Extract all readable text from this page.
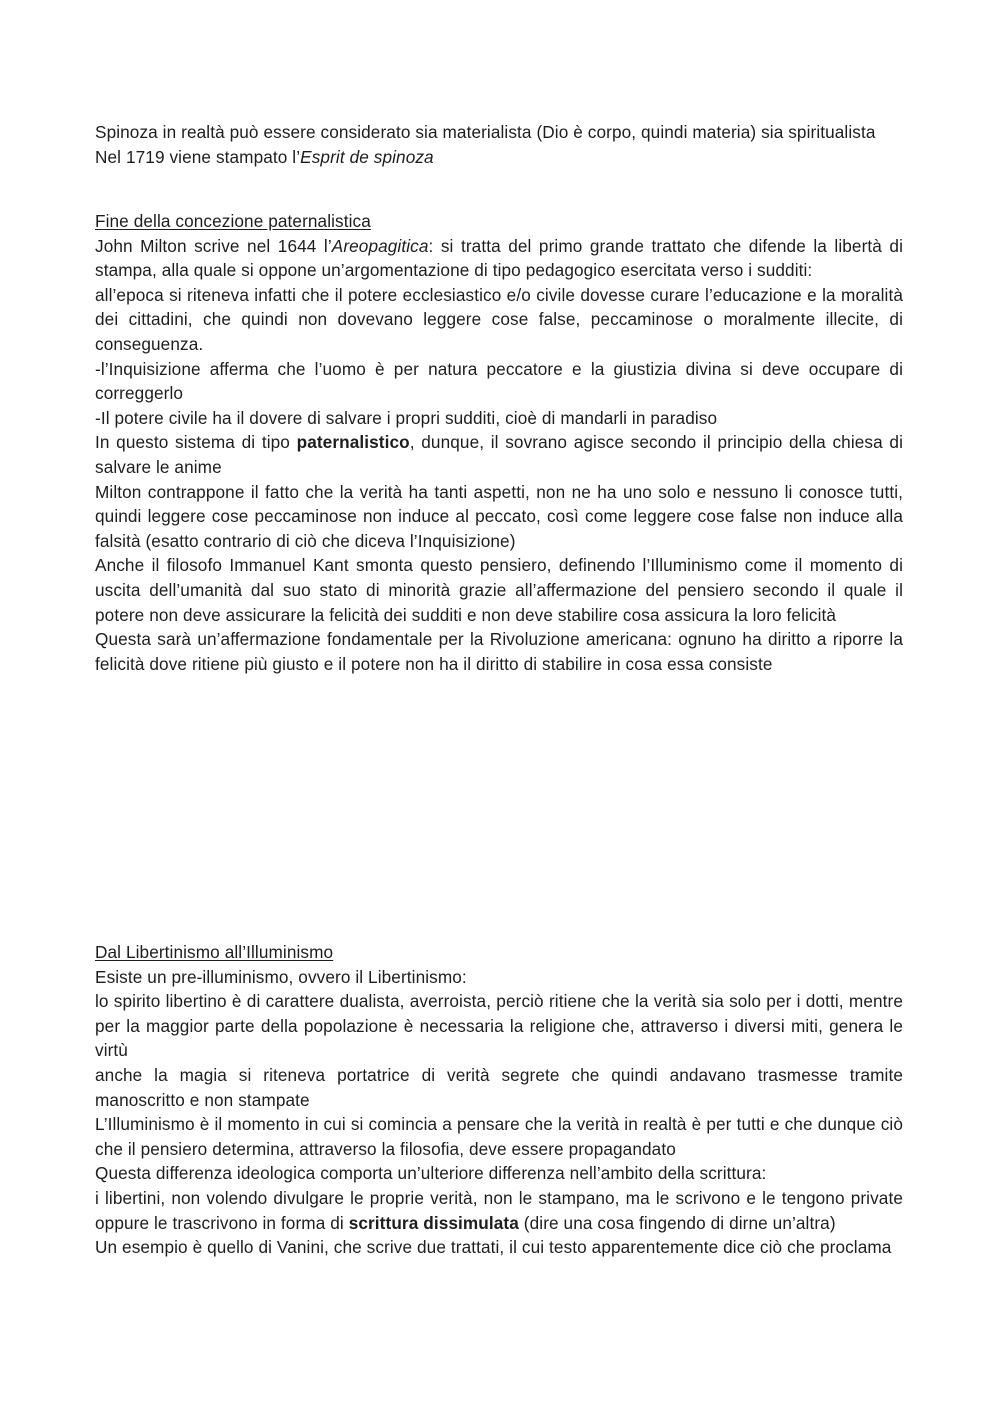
Spinoza in realtà può essere considerato sia materialista (Dio è corpo, quindi materia) sia spiritualista

Nel 1719 viene stampato l’Esprit de spinoza

Fine della concezione paternalistica

John Milton scrive nel 1644 l’Areopagitica: si tratta del primo grande trattato che difende la libertà di stampa, alla quale si oppone un’argomentazione di tipo pedagogico esercitata verso i sudditi:

all’epoca si riteneva infatti che il potere ecclesiastico e/o civile dovesse curare l’educazione e la moralità dei cittadini, che quindi non dovevano leggere cose false, peccaminose o moralmente illecite, di conseguenza.

-l’Inquisizione afferma che l’uomo è per natura peccatore e la giustizia divina si deve occupare di correggerlo

-Il potere civile ha il dovere di salvare i propri sudditi, cioè di mandarli in paradiso

In questo sistema di tipo paternalistico, dunque, il sovrano agisce secondo il principio della chiesa di salvare le anime

Milton contrappone il fatto che la verità ha tanti aspetti, non ne ha uno solo e nessuno li conosce tutti, quindi leggere cose peccaminose non induce al peccato, così come leggere cose false non induce alla falsità (esatto contrario di ciò che diceva l’Inquisizione)

Anche il filosofo Immanuel Kant smonta questo pensiero, definendo l’Illuminismo come il momento di uscita dell’umanità dal suo stato di minorità grazie all’affermazione del pensiero secondo il quale il potere non deve assicurare la felicità dei sudditi e non deve stabilire cosa assicura la loro felicità

Questa sarà un’affermazione fondamentale per la Rivoluzione americana: ognuno ha diritto a riporre la felicità dove ritiene più giusto e il potere non ha il diritto di stabilire in cosa essa consiste

Dal Libertinismo all’Illuminismo

Esiste un pre-illuminismo, ovvero il Libertinismo:

lo spirito libertino è di carattere dualista, averroista, perciò ritiene che la verità sia solo per i dotti, mentre per la maggior parte della popolazione è necessaria la religione che, attraverso i diversi miti, genera le virtù

anche la magia si riteneva portatrice di verità segrete che quindi andavano trasmesse tramite manoscritto e non stampate

L’Illuminismo è il momento in cui si comincia a pensare che la verità in realtà è per tutti e che dunque ciò che il pensiero determina, attraverso la filosofia, deve essere propagandato

Questa differenza ideologica comporta un’ulteriore differenza nell’ambito della scrittura:

i libertini, non volendo divulgare le proprie verità, non le stampano, ma le scrivono e le tengono private oppure le trascrivono in forma di scrittura dissimulata (dire una cosa fingendo di dirne un’altra)

Un esempio è quello di Vanini, che scrive due trattati, il cui testo apparentemente dice ciò che proclama
